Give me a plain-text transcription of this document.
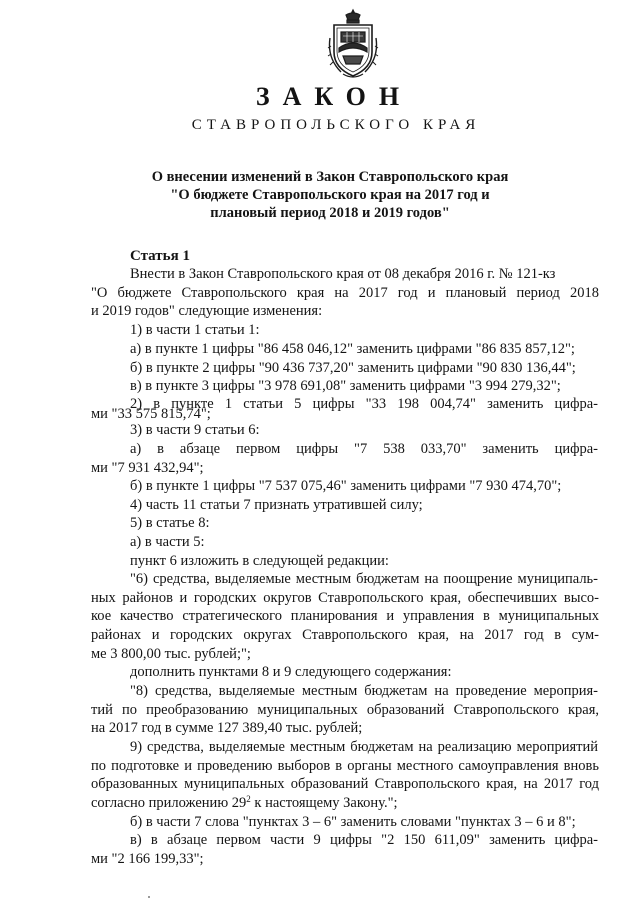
ЗАКОН
СТАВРОПОЛЬСКОГО КРАЯ
О внесении изменений в Закон Ставропольского края
"О бюджете Ставропольского края на 2017 год и
плановый период 2018 и 2019 годов"
Статья 1
Внести в Закон Ставропольского края от 08 декабря 2016 г. № 121-кз
"О бюджете Ставропольского края на 2017 год и плановый период 2018
и 2019 годов" следующие изменения:
1) в части 1 статьи 1:
а) в пункте 1 цифры "86 458 046,12" заменить цифрами "86 835 857,12";
б) в пункте 2 цифры "90 436 737,20" заменить цифрами "90 830 136,44";
в) в пункте 3 цифры "3 978 691,08" заменить цифрами "3 994 279,32";
2) в пункте 1 статьи 5 цифры "33 198 004,74" заменить цифра-
ми "33 575 815,74";
3) в части 9 статьи 6:
а) в абзаце первом цифры "7 538 033,70" заменить цифра-
ми "7 931 432,94";
б) в пункте 1 цифры "7 537 075,46" заменить цифрами "7 930 474,70";
4) часть 11 статьи 7 признать утратившей силу;
5) в статье 8:
а) в части 5:
пункт 6 изложить в следующей редакции:
"6) средства, выделяемые местным бюджетам на поощрение муниципаль-
ных районов и городских округов Ставропольского края, обеспечивших высо-
кое качество стратегического планирования и управления в муниципальных
районах и городских округах Ставропольского края, на 2017 год в сум-
ме 3 800,00 тыс. рублей;";
дополнить пунктами 8 и 9 следующего содержания:
"8) средства, выделяемые местным бюджетам на проведение мероприя-
тий по преобразованию муниципальных образований Ставропольского края,
на 2017 год в сумме 127 389,40 тыс. рублей;
9) средства, выделяемые местным бюджетам на реализацию мероприятий
по подготовке и проведению выборов в органы местного самоуправления вновь
образованных муниципальных образований Ставропольского края, на 2017 год
согласно приложению $29^2$ к настоящему Закону.";
б) в части 7 слова "пунктах 3 – 6" заменить словами "пунктах 3 – 6 и 8";
в) в абзаце первом части 9 цифры "2 150 611,09" заменить цифра-
ми "2 166 199,33";
